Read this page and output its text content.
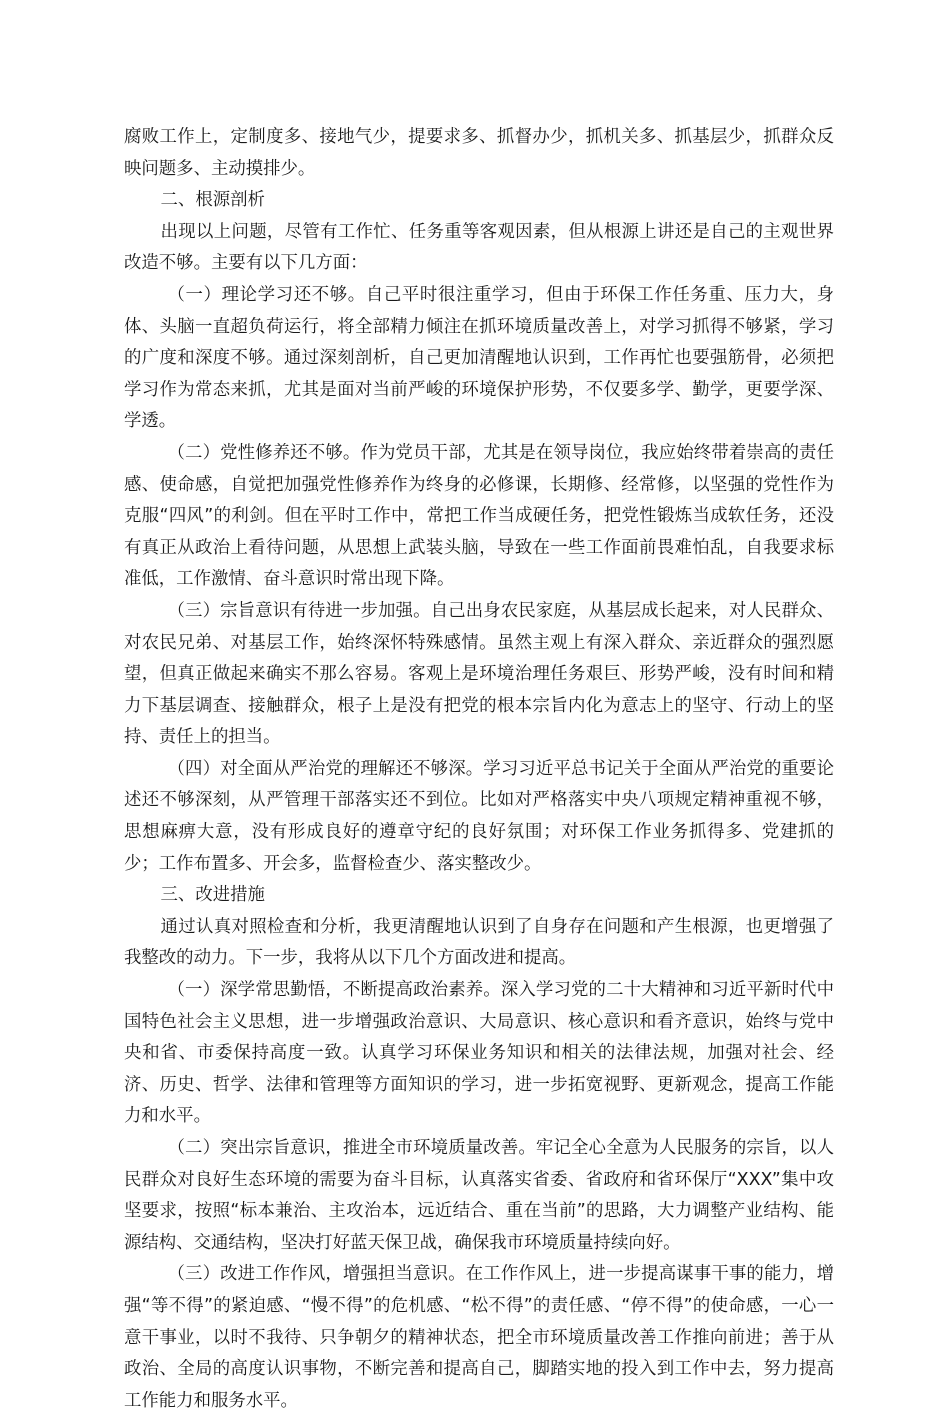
腐败工作上，定制度多、接地气少，提要求多、抓督办少，抓机关多、抓基层少，抓群众反映问题多、主动摸排少。

二、根源剖析

出现以上问题，尽管有工作忙、任务重等客观因素，但从根源上讲还是自己的主观世界改造不够。主要有以下几方面：

（一）理论学习还不够。自己平时很注重学习，但由于环保工作任务重、压力大，身体、头脑一直超负荷运行，将全部精力倾注在抓环境质量改善上，对学习抓得不够紧，学习的广度和深度不够。通过深刻剖析，自己更加清醒地认识到，工作再忙也要强筋骨，必须把学习作为常态来抓，尤其是面对当前严峻的环境保护形势，不仅要多学、勤学，更要学深、学透。

（二）党性修养还不够。作为党员干部，尤其是在领导岗位，我应始终带着崇高的责任感、使命感，自觉把加强党性修养作为终身的必修课，长期修、经常修，以坚强的党性作为克服“四风”的利剑。但在平时工作中，常把工作当成硬任务，把党性锻炼当成软任务，还没有真正从政治上看待问题，从思想上武装头脑，导致在一些工作面前畏难怕乱，自我要求标准低，工作激情、奋斗意识时常出现下降。

（三）宗旨意识有待进一步加强。自己出身农民家庭，从基层成长起来，对人民群众、对农民兄弟、对基层工作，始终深怀特殊感情。虽然主观上有深入群众、亲近群众的强烈愿望，但真正做起来确实不那么容易。客观上是环境治理任务艰巨、形势严峻，没有时间和精力下基层调查、接触群众，根子上是没有把党的根本宗旨内化为意志上的坚守、行动上的坚持、责任上的担当。

（四）对全面从严治党的理解还不够深。学习习近平总书记关于全面从严治党的重要论述还不够深刻，从严管理干部落实还不到位。比如对严格落实中央八项规定精神重视不够，思想麻痹大意，没有形成良好的遵章守纪的良好氛围；对环保工作业务抓得多、党建抓的少；工作布置多、开会多，监督检查少、落实整改少。

三、改进措施

通过认真对照检查和分析，我更清醒地认识到了自身存在问题和产生根源，也更增强了我整改的动力。下一步，我将从以下几个方面改进和提高。

（一）深学常思勤悟，不断提高政治素养。深入学习党的二十大精神和习近平新时代中国特色社会主义思想，进一步增强政治意识、大局意识、核心意识和看齐意识，始终与党中央和省、市委保持高度一致。认真学习环保业务知识和相关的法律法规，加强对社会、经济、历史、哲学、法律和管理等方面知识的学习，进一步拓宽视野、更新观念，提高工作能力和水平。

（二）突出宗旨意识，推进全市环境质量改善。牢记全心全意为人民服务的宗旨，以人民群众对良好生态环境的需要为奋斗目标，认真落实省委、省政府和省环保厅“XXX”集中攻坚要求，按照“标本兼治、主攻治本，远近结合、重在当前”的思路，大力调整产业结构、能源结构、交通结构，坚决打好蓝天保卫战，确保我市环境质量持续向好。

（三）改进工作作风，增强担当意识。在工作作风上，进一步提高谋事干事的能力，增强“等不得”的紧迫感、“慢不得”的危机感、“松不得”的责任感、“停不得”的使命感，一心一意干事业，以时不我待、只争朝夕的精神状态，把全市环境质量改善工作推向前进；善于从政治、全局的高度认识事物，不断完善和提高自己，脚踏实地的投入到工作中去，努力提高工作能力和服务水平。
